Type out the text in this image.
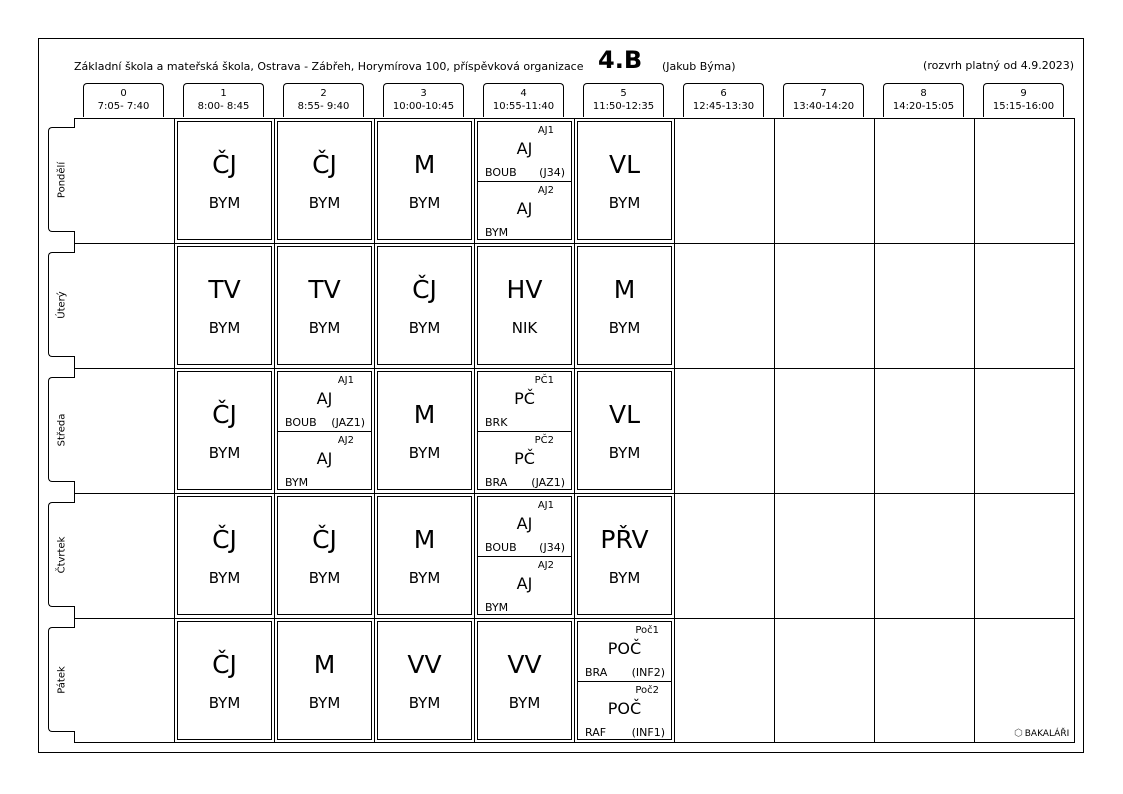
Základní škola a mateřská škola, Ostrava - Zábřeh, Horymírova 100, příspěvková organizace 4.B (Jakub Býma)	(rozvrh platný od 4.9.2023)
0
7:05- 7:40
1
8:00- 8:45
2
8:55- 9:40
3
10:00-10:45
4
10:55-11:40
5
11:50-12:35
6
12:45-13:30
7
13:40-14:20
8
14:20-15:05
9
15:15-16:00
Pondělí
Úterý
Středa
Čtvrtek
Pátek
ČJ
BYM
ČJ
BYM
M
BYM
AJ1
AJ
BOUB (J34)
AJ2
AJ
BYM
VL
BYM
TV
BYM
TV
BYM
ČJ
BYM
HV
NIK
M
BYM
ČJ
BYM
AJ1
AJ
BOUB (JAZ1)
AJ2
AJ
BYM
M
BYM
PČ1
PČ
BRK
PČ2
PČ
BRA (JAZ1)
VL
BYM
ČJ
BYM
ČJ
BYM
M
BYM
AJ1
AJ
BOUB (J34)
AJ2
AJ
BYM
PŘV
BYM
ČJ
BYM
M
BYM
VV
BYM
VV
BYM
Poč1
POČ
BRA (INF2)
Poč2
POČ
RAF (INF1)	⬡ BAKALÁŘI
